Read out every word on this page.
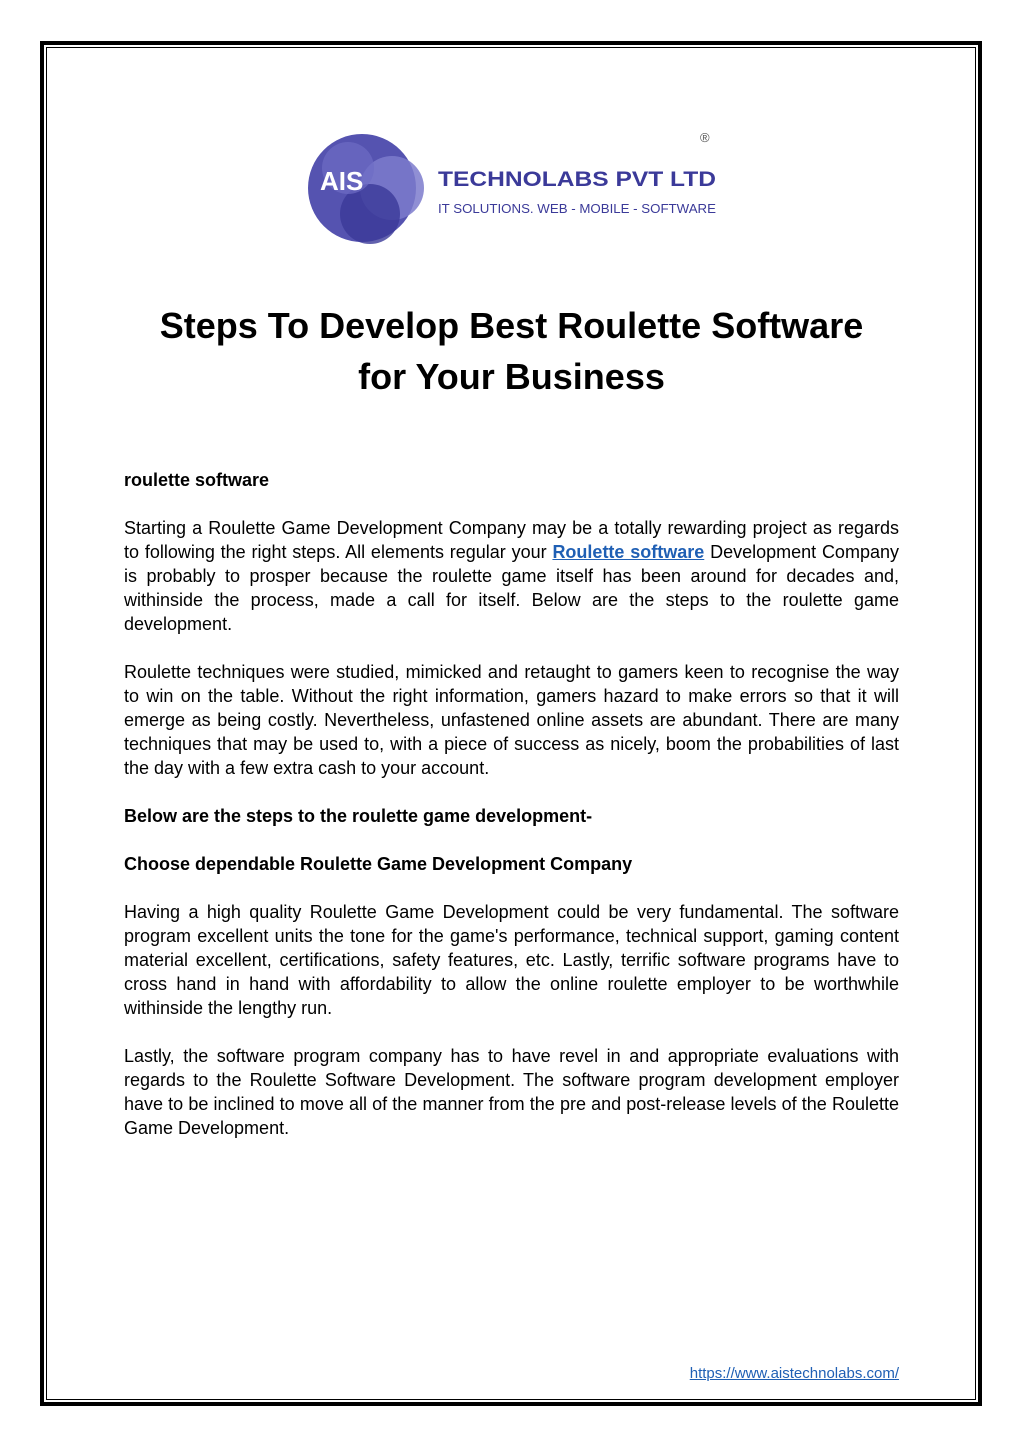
AIS	TECHNOLABS PVT LTD
IT SOLUTIONS. WEB - MOBILE - SOFTWARE
®
Steps To Develop Best Roulette Software
for Your Business

roulette software

Starting a Roulette Game Development Company may be a totally rewarding project as regards to following the right steps. All elements regular your Roulette software Development Company is probably to prosper because the roulette game itself has been around for decades and, withinside the process, made a call for itself. Below are the steps to the roulette game development.

Roulette techniques were studied, mimicked and retaught to gamers keen to recognise the way to win on the table. Without the right information, gamers hazard to make errors so that it will emerge as being costly. Nevertheless, unfastened online assets are abundant. There are many techniques that may be used to, with a piece of success as nicely, boom the probabilities of last the day with a few extra cash to your account.

Below are the steps to the roulette game development-

Choose dependable Roulette Game Development Company

Having a high quality Roulette Game Development could be very fundamental. The software program excellent units the tone for the game's performance, technical support, gaming content material excellent, certifications, safety features, etc. Lastly, terrific software programs have to cross hand in hand with affordability to allow the online roulette employer to be worthwhile withinside the lengthy run.

Lastly, the software program company has to have revel in and appropriate evaluations with regards to the Roulette Software Development. The software program development employer have to be inclined to move all of the manner from the pre and post-release levels of the Roulette Game Development.

https://www.aistechnolabs.com/
